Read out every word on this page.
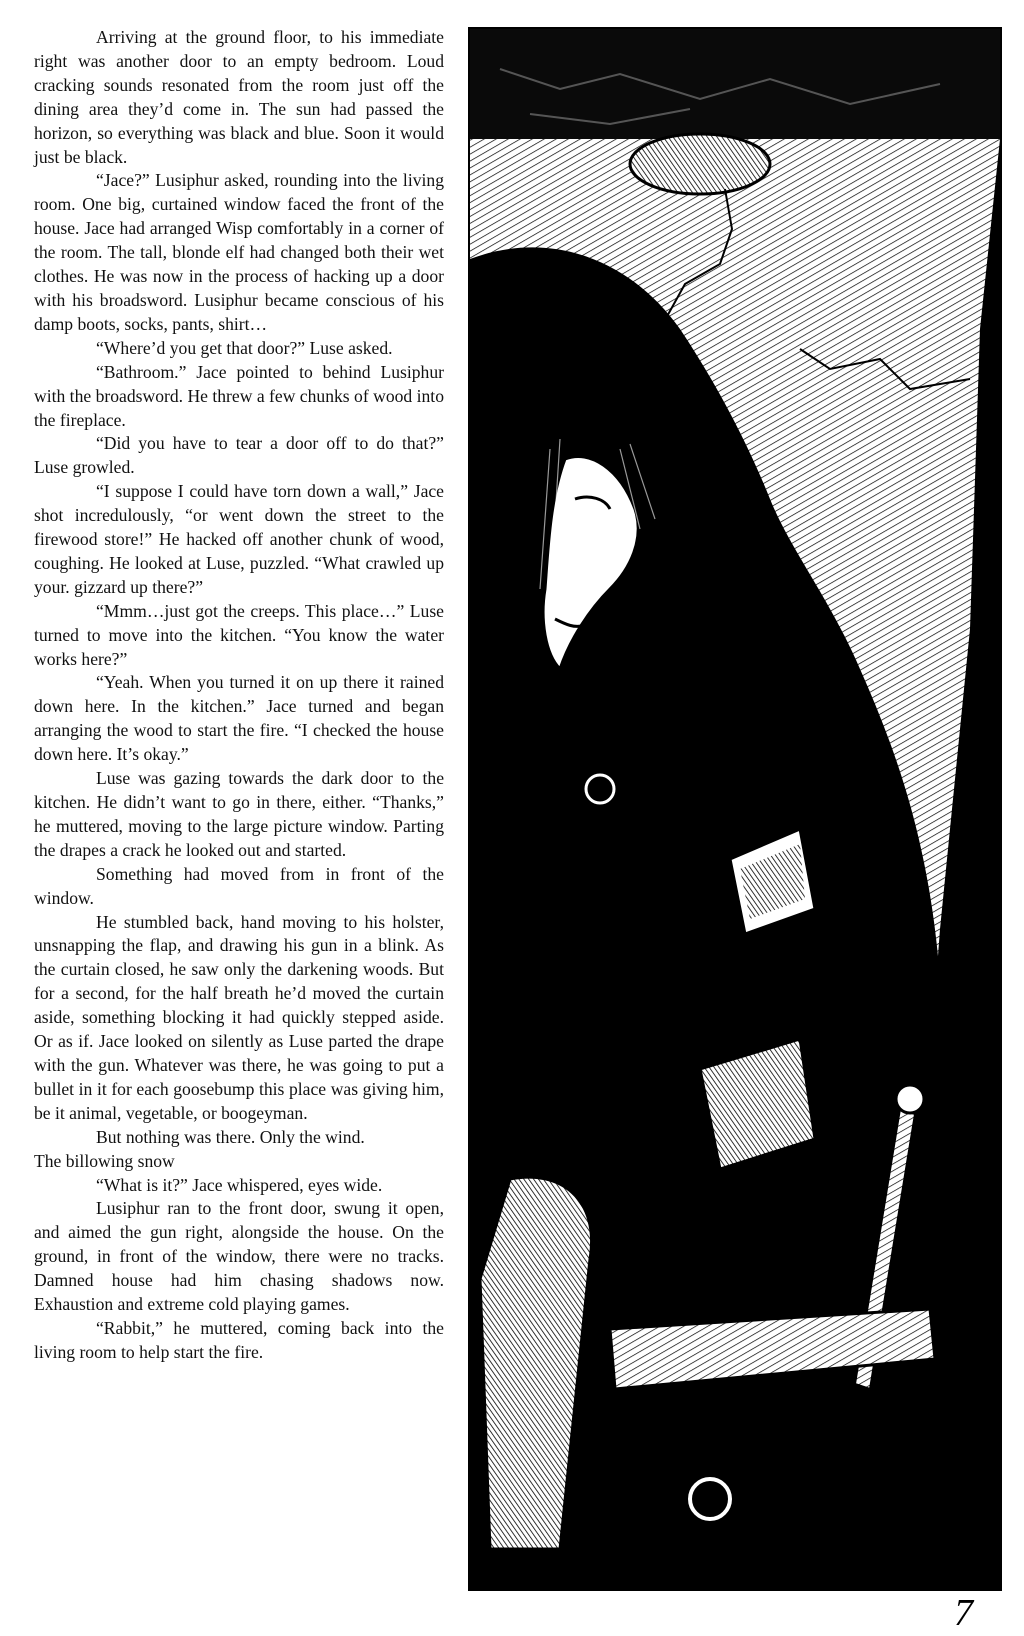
Arriving at the ground floor, to his immediate right was another door to an empty bedroom. Loud cracking sounds resonated from the room just off the dining area they’d come in. The sun had passed the horizon, so everything was black and blue. Soon it would just be black.

“Jace?” Lusiphur asked, rounding into the living room. One big, curtained window faced the front of the house. Jace had arranged Wisp comfortably in a corner of the room. The tall, blonde elf had changed both their wet clothes. He was now in the process of hacking up a door with his broadsword. Lusiphur became conscious of his damp boots, socks, pants, shirt…

“Where’d you get that door?” Luse asked.

“Bathroom.” Jace pointed to behind Lusiphur with the broadsword. He threw a few chunks of wood into the fireplace.

“Did you have to tear a door off to do that?” Luse growled.

“I suppose I could have torn down a wall,” Jace shot incredulously, “or went down the street to the firewood store!” He hacked off another chunk of wood, coughing. He looked at Luse, puzzled. “What crawled up your. gizzard up there?”

“Mmm…just got the creeps. This place…” Luse turned to move into the kitchen. “You know the water works here?”

“Yeah. When you turned it on up there it rained down here. In the kitchen.” Jace turned and began arranging the wood to start the fire. “I checked the house down here. It’s okay.”

Luse was gazing towards the dark door to the kitchen. He didn’t want to go in there, either. “Thanks,” he muttered, moving to the large picture window. Parting the drapes a crack he looked out and started.

Something had moved from in front of the window.

He stumbled back, hand moving to his holster, unsnapping the flap, and drawing his gun in a blink. As the curtain closed, he saw only the darkening woods. But for a second, for the half breath he’d moved the curtain aside, something blocking it had quickly stepped aside. Or as if. Jace looked on silently as Luse parted the drape with the gun. Whatever was there, he was going to put a bullet in it for each goosebump this place was giving him, be it animal, vegetable, or boogeyman.

But nothing was there. Only the wind.

The billowing snow

“What is it?” Jace whispered, eyes wide.

Lusiphur ran to the front door, swung it open, and aimed the gun right, alongside the house. On the ground, in front of the window, there were no tracks. Damned house had him chasing shadows now. Exhaustion and extreme cold playing games.

“Rabbit,” he muttered, coming back into the living room to help start the fire.

7
